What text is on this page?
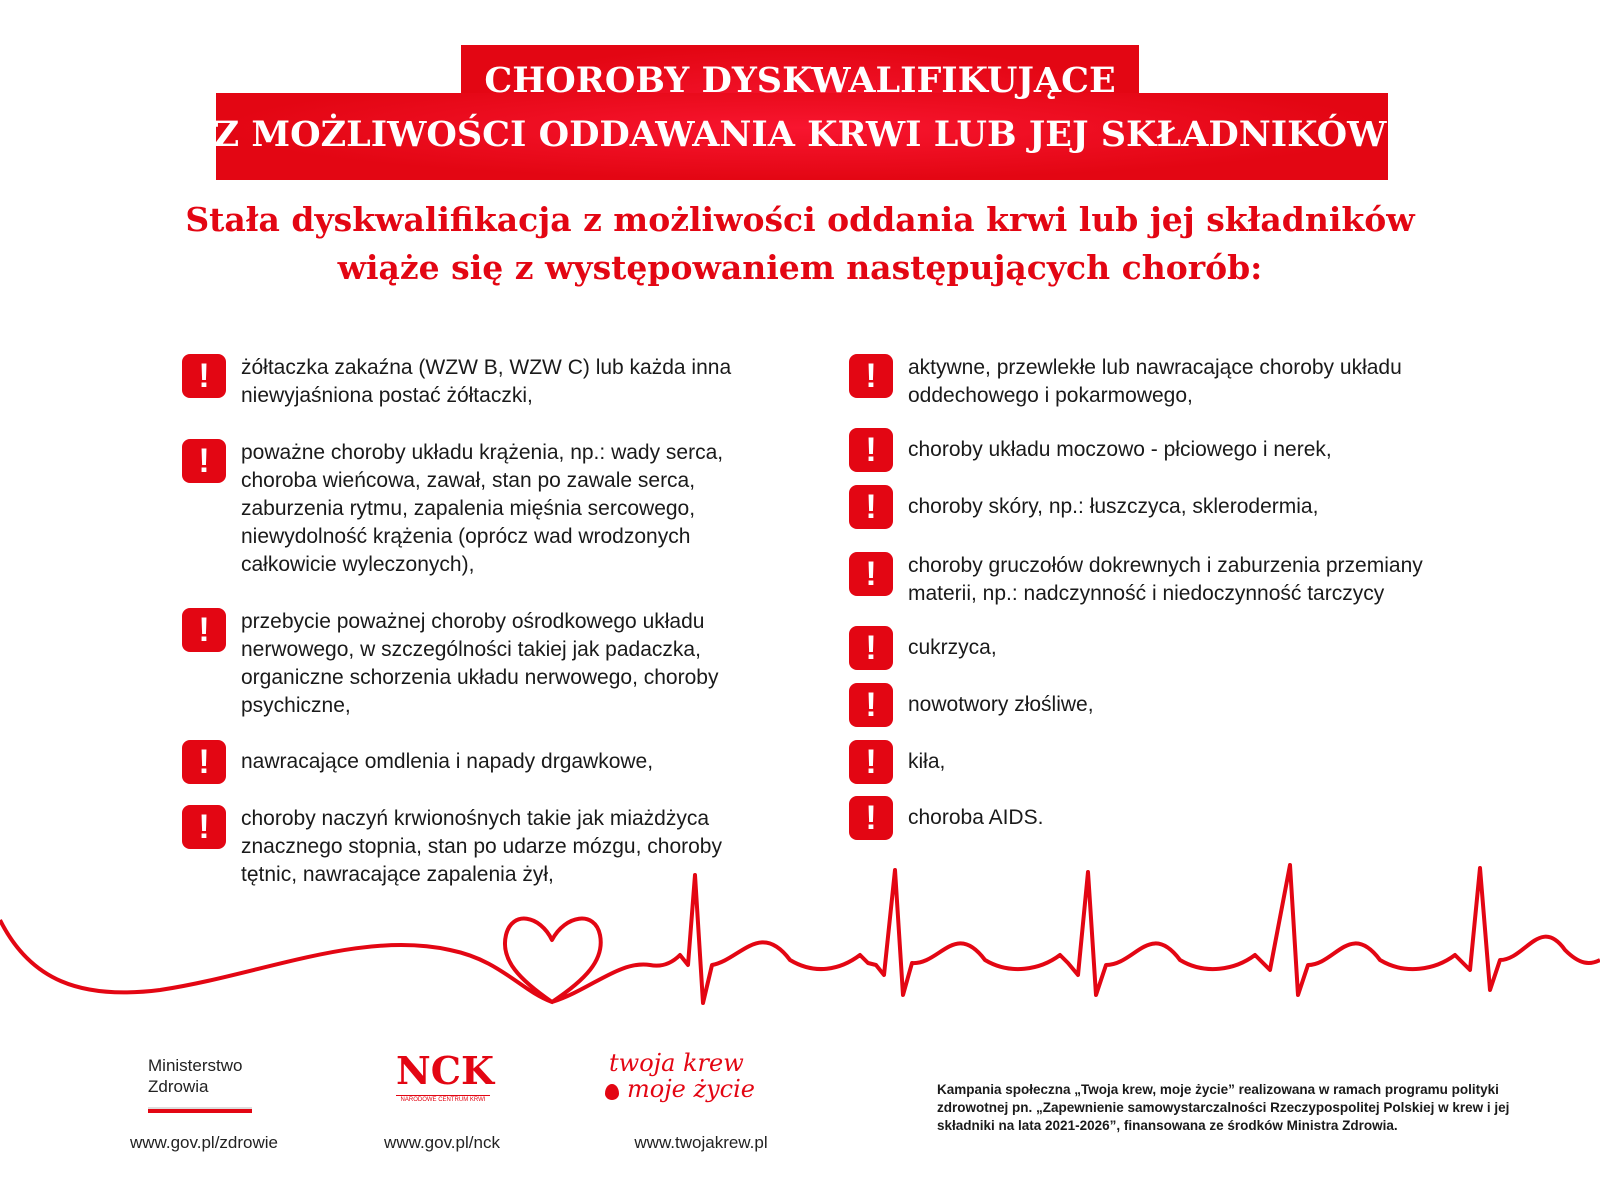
CHOROBY DYSKWALIFIKUJĄCE
Z MOŻLIWOŚCI ODDAWANIA KRWI LUB JEJ SKŁADNIKÓW
Stała dyskwalifikacja z możliwości oddania krwi lub jej składników
wiąże się z występowaniem następujących chorób:
!	żółtaczka zakaźna (WZW B, WZW C) lub każda inna niewyjaśniona postać żółtaczki,
!	poważne choroby układu krążenia, np.: wady serca, choroba wieńcowa, zawał, stan po zawale serca, zaburzenia rytmu, zapalenia mięśnia sercowego, niewydolność krążenia (oprócz wad wrodzonych całkowicie wyleczonych),
!	przebycie poważnej choroby ośrodkowego układu nerwowego, w szczególności takiej jak padaczka, organiczne schorzenia układu nerwowego, choroby psychiczne,
!	nawracające omdlenia i napady drgawkowe,
!	choroby naczyń krwionośnych takie jak miażdżyca znacznego stopnia, stan po udarze mózgu, choroby tętnic, nawracające zapalenia żył,
!	aktywne, przewlekłe lub nawracające choroby układu oddechowego i pokarmowego,
!	choroby układu moczowo - płciowego i nerek,
!	choroby skóry, np.: łuszczyca, sklerodermia,
!	choroby gruczołów dokrewnych i zaburzenia przemiany materii, np.: nadczynność i niedoczynność tarczycy
!	cukrzyca,
!	nowotwory złośliwe,
!	kiła,
!	choroba AIDS.
Ministerstwo
Zdrowia
www.gov.pl/zdrowie
NCK
NARODOWE CENTRUM KRWI
www.gov.pl/nck
twoja krew
moje życie
www.twojakrew.pl
Kampania społeczna „Twoja krew, moje życie” realizowana w ramach programu polityki zdrowotnej pn. „Zapewnienie samowystarczalności Rzeczypospolitej Polskiej w krew i jej składniki na lata 2021-2026”, finansowana ze środków Ministra Zdrowia.
